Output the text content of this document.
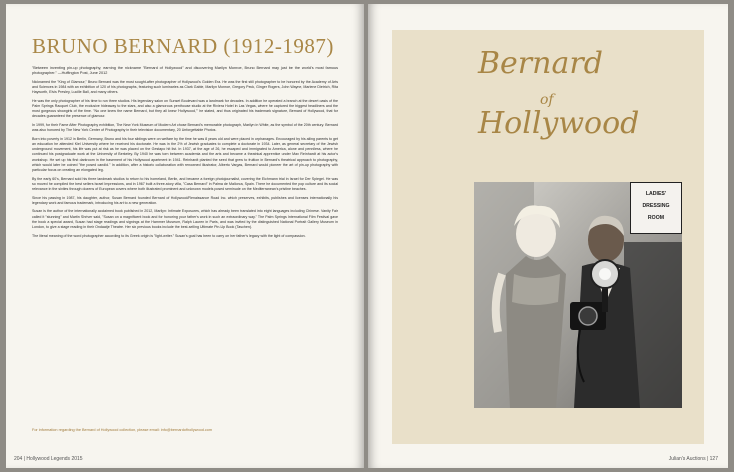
BRUNO BERNARD (1912-1987)

"Between inventing pin-up photography, earning the nickname "Bernard of Hollywood" and discovering Marilyn Monroe, Bruno Bernard may just be the world's most famous photographer." —Huffington Post, June 2012

Nicknamed the "King of Glamour," Bruno Bernard was the most sought-after photographer of Hollywood's Golden Era. He was the first still photographer to be honored by the Academy of Arts and Sciences in 1984 with an exhibition of 120 of his photographs, featuring such luminaries as Clark Gable, Marilyn Monroe, Gregory Peck, Ginger Rogers, John Wayne, Marlene Dietrich, Rita Hayworth, Elvis Presley, Lucille Ball, and many others.

He was the only photographer of his time to run three studios. His legendary salon on Sunset Boulevard was a landmark for decades. In addition he operated a branch at the desert oasis of the Palm Springs Racquet Club, the exclusive hideaway to the stars, and also a glamorous penthouse studio at the Riviera Hotel in Las Vegas, where he captured the biggest headliners and the most gorgeous showgirls of the time. "No one knew the name Bernard, but they all knew 'Hollywood,'" he stated, and thus originated his trademark signature, Bernard of Hollywood, that for decades guaranteed the presence of glamour.

In 1999, for their Fame After Photography exhibition, The New York Museum of Modern Art chose Bernard's memorable photograph, Marilyn in White, as the symbol of the 20th century. Bernard was also honored by The New York Center of Photography in their television documentary, 20 Unforgettable Photos.

Born into poverty in 1912 in Berlin, Germany, Bruno and his four siblings were on welfare by the time he was 8 years old and were placed in orphanages. Encouraged by his ailing parents to get an education he attended Kiel University where he received his doctorate. He was in the 2% of Jewish graduates to complete a doctorate in 1934. Later, as general secretary of the Jewish underground movement, his life was put at risk as he was placed on the Gestapo hit list. In 1937, at the age of 26, he escaped and immigrated to America, alone and penniless, where he continued his postgraduate work at the University of Berkeley. By 1940 he was torn between academia and the arts and became a theatrical apprentice under Max Reinhardt at his actor's workshop. He set up his first darkroom in the basement of his Hollywood apartment in 1941. Reinhardt planted the seed that grew to fruition in Bernard's theatrical approach to photography, which would later be coined "the posed candid." In addition, after a historic collaboration with renowned illustrator, Alberto Vargas, Bernard would pioneer the art of pin-up photography with particular focus on creating an elongated leg.

By the early 60's, Bernard sold his three landmark studios to return to his homeland, Berlin, and became a foreign photojournalist, covering the Eichmann trial in Israel for Der Spiegel. He was so moved he compiled the best sellers Israel Impressions, and in 1967 built a three-story villa, "Casa Bernard" in Palma de Mallorca, Spain. There he documented the pop culture and its social relevance in the sixties through dozens of European covers where both illustrated prominent and unknown models posed seminude on the Mediterranean's pristine beaches.

Since his passing in 1987, his daughter, author, Susan Bernard founded Bernard of Hollywood/Renaissance Road Inc. which preserves, exhibits, publishes and licenses internationally his legendary work and famous trademark, introducing his art to a new generation.

Susan is the author of the internationally acclaimed book published in 2012, Marilyn: Intimate Exposures, which has already been translated into eight languages including Chinese. Vanity Fair called it "stunning" and Martin Shriver said, "Susan on a magnificent book and for honoring your father's work in such an extraordinary way." The Palm Springs International Film Festival gave the book a special award, Susan had stage readings and signings at the Hammer Museum, Ralph Lauren in Paris, and was invited by the distinguished National Portrait Gallery Museum in London, to give a stage reading in their Ondaatje Theatre. Her six previous books include the best-selling Ultimate Pin-Up Book (Taschen).

The literal meaning of the word photographer according to its Greek origin is "light-writer." Susan's goal has been to carry on her father's legacy with the light of compassion.

For information regarding the Bernard of Hollywood collection, please email: info@bernardofhollywood.com
204 | Hollywood Legends 2015
Bernard
of
Hollywood
LADIES'
DRESSING
ROOM
Julian's Auctions | 127
